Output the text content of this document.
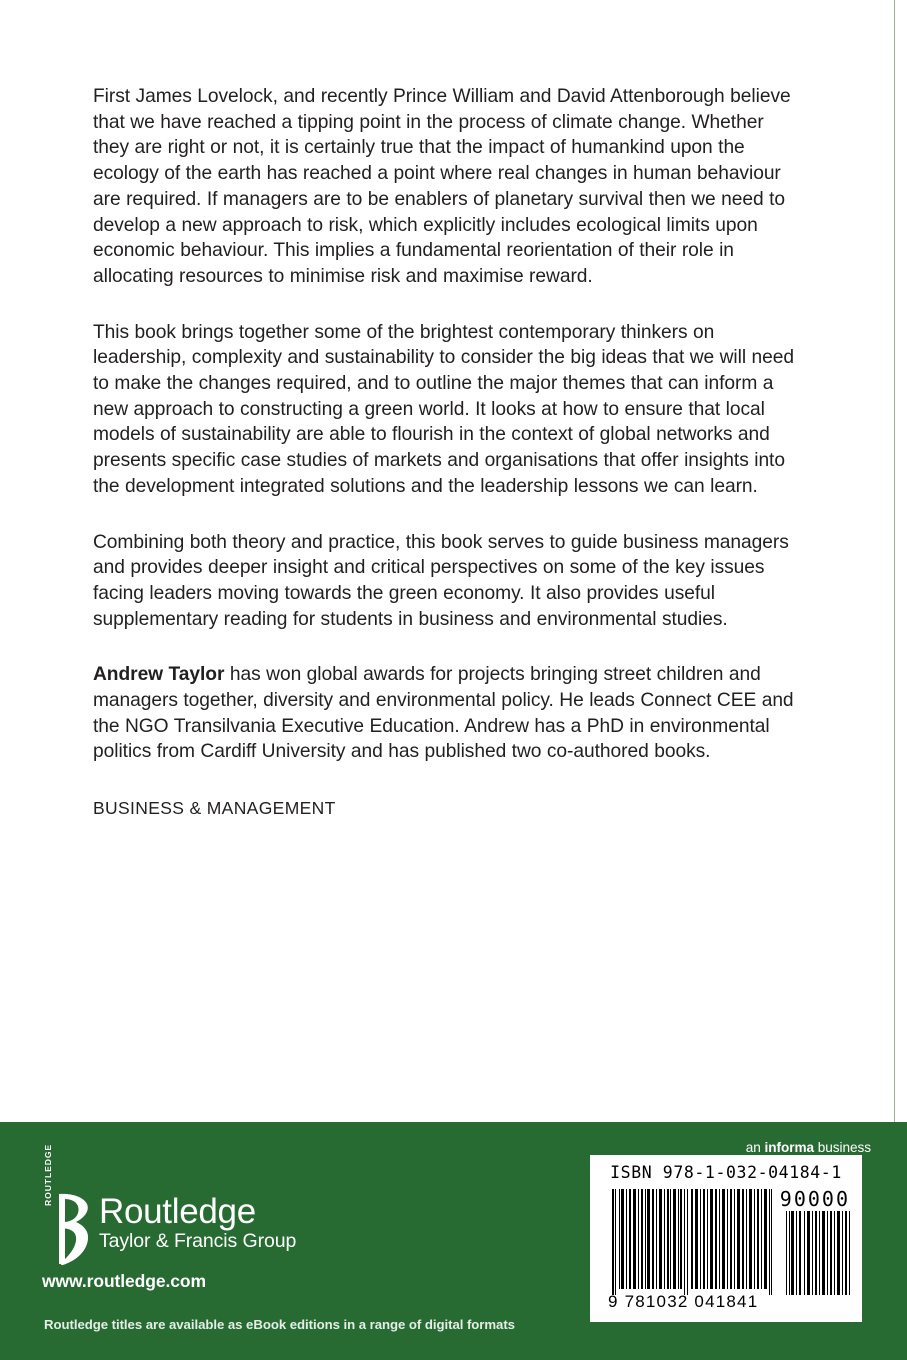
First James Lovelock, and recently Prince William and David Attenborough believe that we have reached a tipping point in the process of climate change. Whether they are right or not, it is certainly true that the impact of humankind upon the ecology of the earth has reached a point where real changes in human behaviour are required. If managers are to be enablers of planetary survival then we need to develop a new approach to risk, which explicitly includes ecological limits upon economic behaviour. This implies a fundamental reorientation of their role in allocating resources to minimise risk and maximise reward.

This book brings together some of the brightest contemporary thinkers on leadership, complexity and sustainability to consider the big ideas that we will need to make the changes required, and to outline the major themes that can inform a new approach to constructing a green world. It looks at how to ensure that local models of sustainability are able to flourish in the context of global networks and presents specific case studies of markets and organisations that offer insights into the development integrated solutions and the leadership lessons we can learn.

Combining both theory and practice, this book serves to guide business managers and provides deeper insight and critical perspectives on some of the key issues facing leaders moving towards the green economy. It also provides useful supplementary reading for students in business and environmental studies.

Andrew Taylor has won global awards for projects bringing street children and managers together, diversity and environmental policy. He leads Connect CEE and the NGO Transilvania Executive Education. Andrew has a PhD in environmental politics from Cardiff University and has published two co-authored books.

BUSINESS & MANAGEMENT
an informa business
ROUTLEDGE
Routledge
Taylor & Francis Group
www.routledge.com
Routledge titles are available as eBook editions in a range of digital formats
ISBN 978-1-032-04184-1
90000
9 781032 041841
